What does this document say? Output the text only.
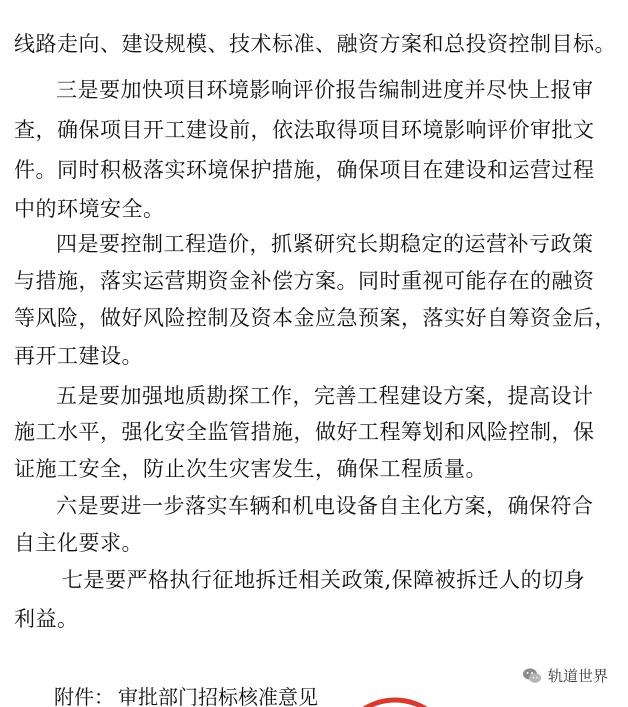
线路走向、建设规模、技术标准、融资方案和总投资控制目标。
三是要加快项目环境影响评价报告编制进度并尽快上报审
查，确保项目开工建设前，依法取得项目环境影响评价审批文
件。同时积极落实环境保护措施，确保项目在建设和运营过程
中的环境安全。
四是要控制工程造价，抓紧研究长期稳定的运营补亏政策
与措施，落实运营期资金补偿方案。同时重视可能存在的融资
等风险，做好风险控制及资本金应急预案，落实好自筹资金后，
再开工建设。
五是要加强地质勘探工作，完善工程建设方案，提高设计
施工水平，强化安全监管措施，做好工程筹划和风险控制，保
证施工安全，防止次生灾害发生，确保工程质量。
六是要进一步落实车辆和机电设备自主化方案，确保符合
自主化要求。
七是要严格执行征地拆迁相关政策,保障被拆迁人的切身
利益。
附件： 审批部门招标核准意见
轨道世界
